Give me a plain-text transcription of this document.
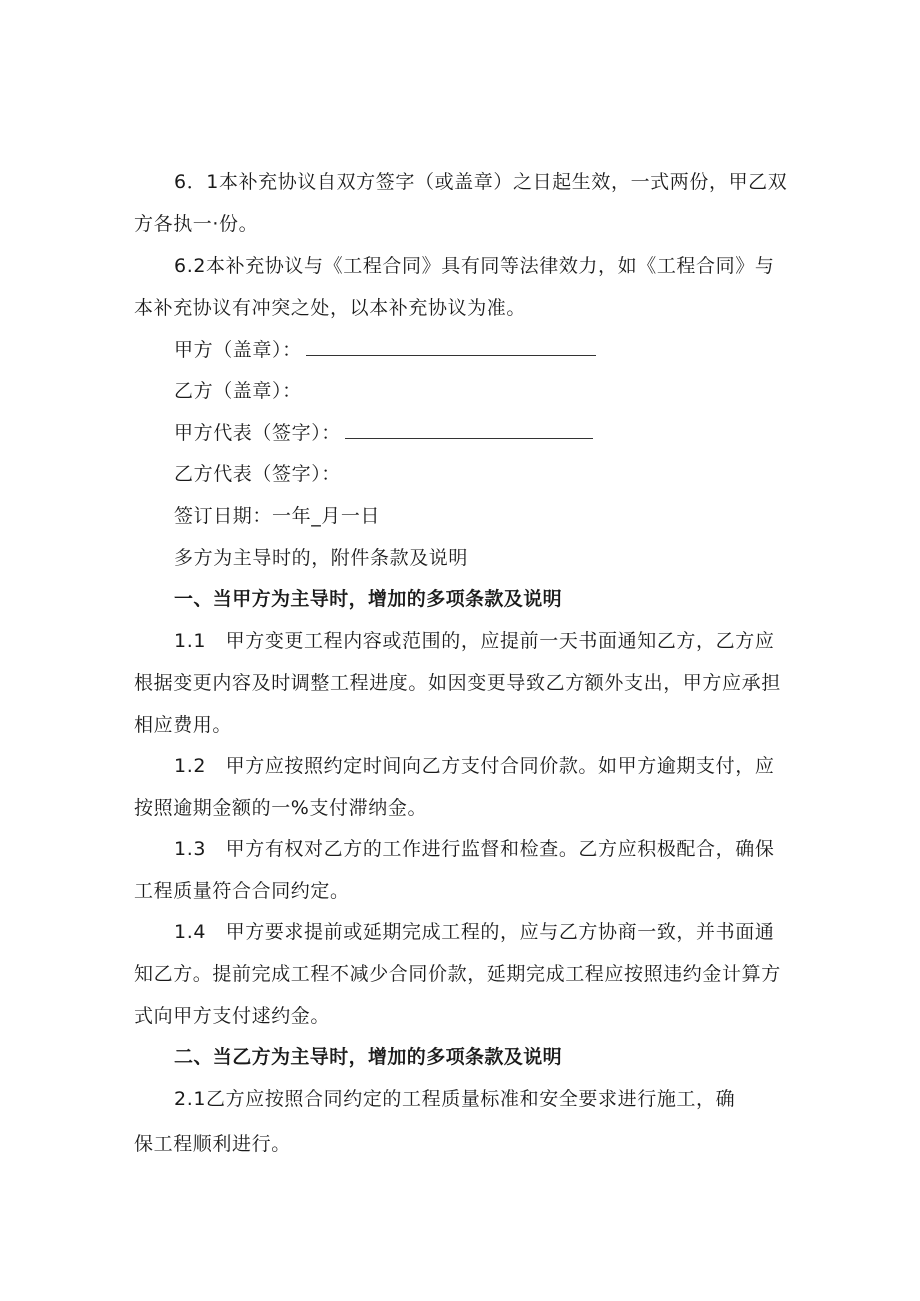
6．1本补充协议自双方签字（或盖章）之日起生效，一式两份，甲乙双方各执一·份。

6.2本补充协议与《工程合同》具有同等法律效力，如《工程合同》与本补充协议有冲突之处，以本补充协议为准。

甲方（盖章）：
乙方（盖章）：
甲方代表（签字）：
乙方代表（签字）：
签订日期：一年_月一日
多方为主导时的，附件条款及说明
一、当甲方为主导时，增加的多项条款及说明

1.1　甲方变更工程内容或范围的，应提前一天书面通知乙方，乙方应根据变更内容及时调整工程进度。如因变更导致乙方额外支出，甲方应承担相应费用。

1.2　甲方应按照约定时间向乙方支付合同价款。如甲方逾期支付，应按照逾期金额的一%支付滞纳金。

1.3　甲方有权对乙方的工作进行监督和检查。乙方应积极配合，确保工程质量符合合同约定。

1.4　甲方要求提前或延期完成工程的，应与乙方协商一致，并书面通知乙方。提前完成工程不减少合同价款，延期完成工程应按照违约金计算方式向甲方支付逑约金。

二、当乙方为主导时，增加的多项条款及说明
2.1乙方应按照合同约定的工程质量标准和安全要求进行施工，确
保工程顺利进行。
